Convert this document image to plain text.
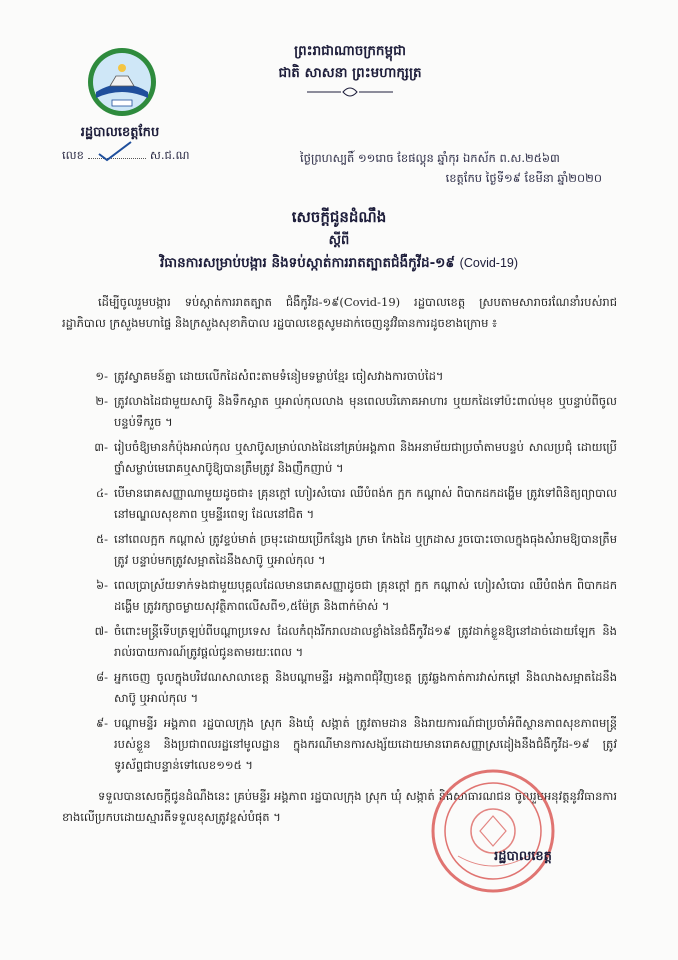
រដ្ឋបាលខេត្តកែប
ព្រះរាជាណាចក្រកម្ពុជា
ជាតិ សាសនា ព្រះមហាក្សត្រ
លេខ	ស.ជ.ណ	ថ្ងៃព្រហស្បតិ៍ ១១រោច ខែផល្គុន ឆ្នាំកុរ ឯកស័ក ព.ស.២៥៦៣
ខេត្តកែប ថ្ងៃទី១៩ ខែមីនា ឆ្នាំ២០២០
សេចក្តីជូនដំណឹង
ស្តីពី
វិធានការសម្រាប់បង្ការ និងទប់ស្កាត់ការរាតត្បាតជំងឺកូវីដ-១៩ (Covid-19)
ដើម្បីចូលរួមបង្ការ ទប់ស្កាត់ការរាតត្បាត ជំងឺកូវីដ-១៩(Covid-19) រដ្ឋបាលខេត្ត ស្របតាមសារាចរណែនាំរបស់រាជរដ្ឋាភិបាល ក្រសួងមហាផ្ទៃ និងក្រសួងសុខាភិបាល រដ្ឋបាលខេត្តសូមដាក់ចេញនូវវិធានការដូចខាងក្រោម ៖
១- ត្រូវស្វាគមន៍គ្នា ដោយលើកដៃសំពះតាមទំនៀមទម្លាប់ខ្មែរ ចៀសវាងការចាប់ដៃ។
២- ត្រូវលាងដៃជាមួយសាប៊ូ និងទឹកស្អាត ឬអាល់កុលលាង មុនពេលបរិភោគអាហារ ឬយកដៃទៅប៉ះពាល់មុខ ឬបន្ទាប់ពីចូលបន្ទប់ទឹករួច ។
៣- រៀបចំឱ្យមានកំប៉ុងអាល់កុល ឬសាប៊ូសម្រាប់លាងដៃនៅគ្រប់អង្គភាព និងអនាម័យជាប្រចាំតាមបន្ទប់ សាលប្រជុំ ដោយប្រើថ្នាំសម្លាប់មេរោគឬសាប៊ូឱ្យបានត្រឹមត្រូវ និងញឹកញាប់ ។
៤- បើមានរោគសញ្ញាណាមួយដូចជា៖ គ្រុនក្តៅ ហៀរសំបោរ ឈឺបំពង់ក ក្អក កណ្តាស់ ពិបាកដកដង្ហើម ត្រូវទៅពិនិត្យព្យាបាលនៅមណ្ឌលសុខភាព ឬមន្ទីរពេទ្យ ដែលនៅជិត ។
៥- នៅពេលក្អក កណ្តាស់ ត្រូវខ្ទប់មាត់ ច្រមុះដោយប្រើកន្សែង ក្រមា កែងដៃ ឬក្រដាស រួចបោះចោលក្នុងធុងសំរាមឱ្យបានត្រឹមត្រូវ បន្ទាប់មកត្រូវសម្អាតដៃនឹងសាប៊ូ ឬអាល់កុល ។
៦- ពេលប្រាស្រ័យទាក់ទងជាមួយបុគ្គលដែលមានរោគសញ្ញាដូចជា គ្រុនក្តៅ ក្អក កណ្តាស់ ហៀរសំបោរ ឈឺបំពង់ក ពិបាកដកដង្ហើម ត្រូវរក្សាចម្ងាយសុវត្ថិភាពលើសពី១,៥ម៉ែត្រ និងពាក់ម៉ាស់ ។
៧- ចំពោះមន្ត្រីទើបត្រឡប់ពីបណ្តាប្រទេស ដែលកំពុងរីករាលដាលខ្លាំងនៃជំងឺកូវីដ១៩ ត្រូវដាក់ខ្លួនឱ្យនៅដាច់ដោយឡែក និងរាល់របាយការណ៍ត្រូវផ្តល់ជូនតាមរយៈពេល ។
៨- អ្នកចេញ ចូលក្នុងបរិវេណសាលាខេត្ត និងបណ្តាមន្ទីរ អង្គភាពជុំវិញខេត្ត ត្រូវឆ្លងកាត់ការវាស់កម្តៅ និងលាងសម្អាតដៃនឹងសាប៊ូ ឬអាល់កុល ។
៩- បណ្តាមន្ទីរ អង្គភាព រដ្ឋបាលក្រុង ស្រុក និងឃុំ សង្កាត់ ត្រូវតាមដាន និងរាយការណ៍ជាប្រចាំអំពីស្ថានភាពសុខភាពមន្ត្រីរបស់ខ្លួន និងប្រជាពលរដ្ឋនៅមូលដ្ឋាន ក្នុងករណីមានការសង្ស័យដោយមានរោគសញ្ញាស្រដៀងនឹងជំងឺកូវីដ-១៩ ត្រូវទូរស័ព្ទជាបន្ទាន់ទៅលេខ១១៥ ។
ទទួលបានសេចក្តីជូនដំណឹងនេះ គ្រប់មន្ទីរ អង្គភាព រដ្ឋបាលក្រុង ស្រុក ឃុំ សង្កាត់ និងសាធារណជន ចូលរួមអនុវត្តនូវវិធានការខាងលើប្រកបដោយស្មារតីទទួលខុសត្រូវខ្ពស់បំផុត ។
រដ្ឋបាលខេត្ត
